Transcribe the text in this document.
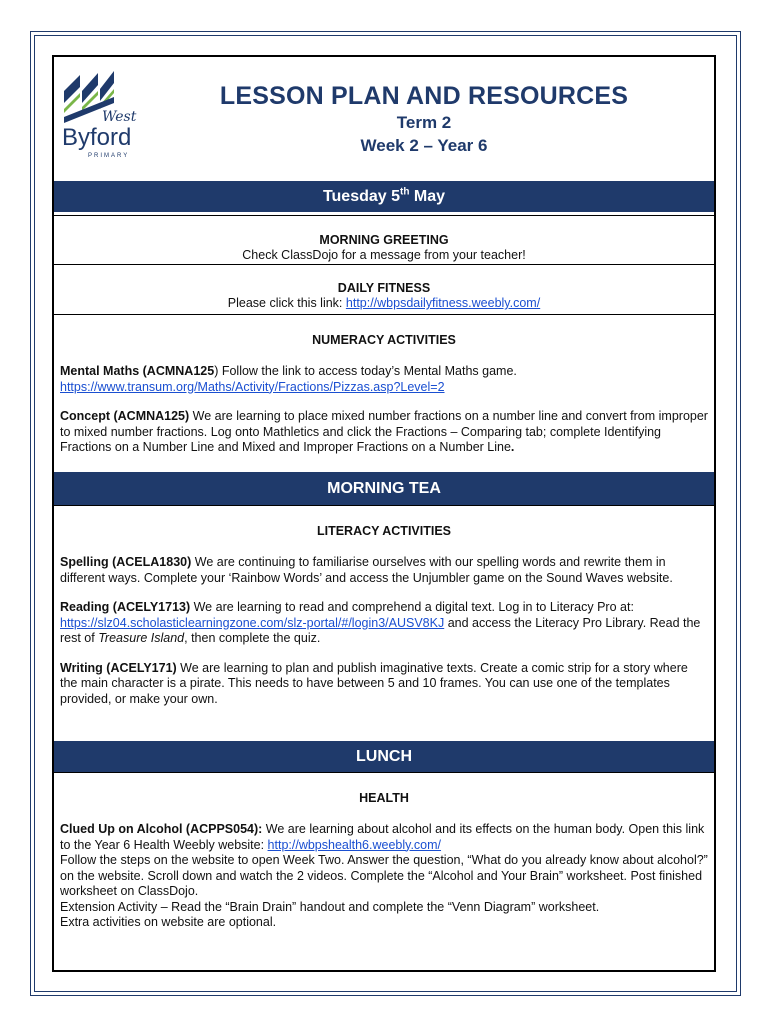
West
Byford
PRIMARY
LESSON PLAN AND RESOURCES
Term 2
Week 2 – Year 6
Tuesday 5th May
MORNING GREETING
Check ClassDojo for a message from your teacher!
DAILY FITNESS
Please click this link: http://wbpsdailyfitness.weebly.com/
NUMERACY ACTIVITIES
Mental Maths (ACMNA125) Follow the link to access today’s Mental Maths game.
https://www.transum.org/Maths/Activity/Fractions/Pizzas.asp?Level=2
Concept (ACMNA125) We are learning to place mixed number fractions on a number line and convert from improper to mixed number fractions. Log onto Mathletics and click the Fractions – Comparing tab; complete Identifying Fractions on a Number Line and Mixed and Improper Fractions on a Number Line.
MORNING TEA
LITERACY ACTIVITIES
Spelling (ACELA1830) We are continuing to familiarise ourselves with our spelling words and rewrite them in different ways. Complete your ‘Rainbow Words’ and access the Unjumbler game on the Sound Waves website.
Reading (ACELY1713) We are learning to read and comprehend a digital text. Log in to Literacy Pro at: https://slz04.scholasticlearningzone.com/slz-portal/#/login3/AUSV8KJ and access the Literacy Pro Library. Read the rest of Treasure Island, then complete the quiz.
Writing (ACELY171) We are learning to plan and publish imaginative texts. Create a comic strip for a story where the main character is a pirate. This needs to have between 5 and 10 frames. You can use one of the templates provided, or make your own.
LUNCH
HEALTH
Clued Up on Alcohol (ACPPS054): We are learning about alcohol and its effects on the human body. Open this link to the Year 6 Health Weebly website: http://wbpshealth6.weebly.com/
Follow the steps on the website to open Week Two. Answer the question, “What do you already know about alcohol?” on the website. Scroll down and watch the 2 videos. Complete the “Alcohol and Your Brain” worksheet. Post finished worksheet on ClassDojo.
Extension Activity – Read the “Brain Drain” handout and complete the “Venn Diagram” worksheet.
Extra activities on website are optional.
